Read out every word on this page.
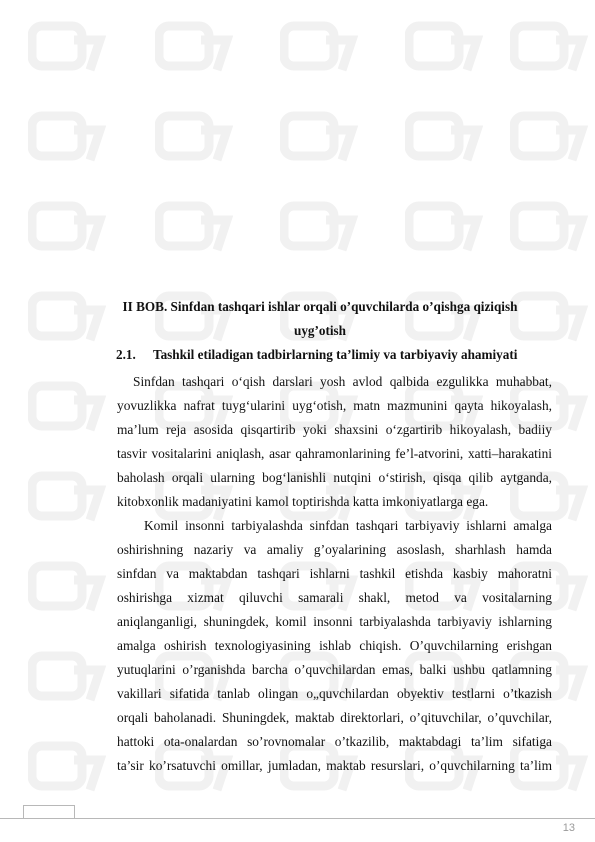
II BOB. Sinfdan tashqari ishlar orqali o’quvchilarda o’qishga qiziqish
uyg’otish
2.1. Tashkil etiladigan tadbirlarning ta’limiy va tarbiyaviy ahamiyati
Sinfdan tashqari o‘qish darslari yosh avlod qalbida ezgulikka muhabbat,
yovuzlikka nafrat tuyg‘ularini uyg‘otish, matn mazmunini qayta hikoyalash,
ma’lum reja asosida qisqartirib yoki shaxsini o‘zgartirib hikoyalash, badiiy
tasvir vositalarini aniqlash, asar qahramonlarining fe’l-atvorini, xatti–harakatini
baholash orqali ularning bog‘lanishli nutqini o‘stirish, qisqa qilib aytganda,
kitobxonlik madaniyatini kamol toptirishda katta imkoniyatlarga ega.
Komil insonni tarbiyalashda sinfdan tashqari tarbiyaviy ishlarni amalga
oshirishning nazariy va amaliy g’oyalarining asoslash, sharhlash hamda
sinfdan va maktabdan tashqari ishlarni tashkil etishda kasbiy mahoratni
oshirishga xizmat qiluvchi samarali shakl, metod va vositalarning
aniqlanganligi, shuningdek, komil insonni tarbiyalashda tarbiyaviy ishlarning
amalga oshirish texnologiyasining ishlab chiqish. O’quvchilarning erishgan
yutuqlarini o’rganishda barcha o’quvchilardan emas, balki ushbu qatlamning
vakillari sifatida tanlab olingan o„quvchilardan obyektiv testlarni o’tkazish
orqali baholanadi. Shuningdek, maktab direktorlari, o’qituvchilar, o’quvchilar,
hattoki ota-onalardan so’rovnomalar o’tkazilib, maktabdagi ta’lim sifatiga
ta’sir ko’rsatuvchi omillar, jumladan, maktab resurslari, o’quvchilarning ta’lim
13
